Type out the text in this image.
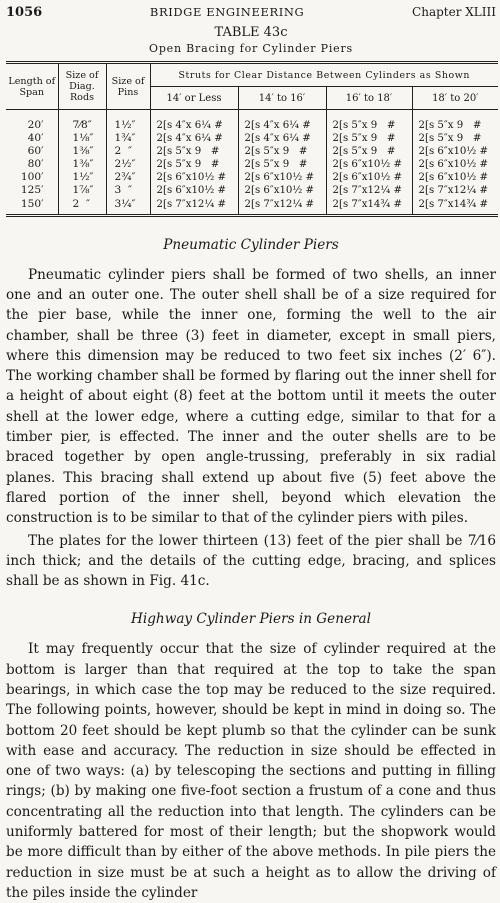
1056	BRIDGE ENGINEERING	Chapter XLIII
TABLE 43c
Open Bracing for Cylinder Piers
Length of Span	Size of Diag. Rods	Size of Pins	Struts for Clear Distance Between Cylinders as Shown			
			14′ or Less	14′ to 16′	16′ to 18′	18′ to 20′
20′	7⁄8″	1½″	2[s 4″x 6¼ #	2[s 4″x 6¼ #	2[s 5″x 9   #	2[s 5″x 9   #
40′	1⅛″	1¾″	2[s 4″x 6¼ #	2[s 4″x 6¼ #	2[s 5″x 9   #	2[s 5″x 9   #
60′	1⅜″	2  ″	2[s 5″x 9   #	2[s 5″x 9   #	2[s 5″x 9   #	2[s 6″x10½ #
80′	1⅜″	2½″	2[s 5″x 9   #	2[s 5″x 9   #	2[s 6″x10½ #	2[s 6″x10½ #
100′	1½″	2¾″	2[s 6″x10½ #	2[s 6″x10½ #	2[s 6″x10½ #	2[s 6″x10½ #
125′	1⅞″	3  ″	2[s 6″x10½ #	2[s 6″x10½ #	2[s 7″x12¼ #	2[s 7″x12¼ #
150′	2  ″	3¼″	2[s 7″x12¼ #	2[s 7″x12¼ #	2[s 7″x14¾ #	2[s 7″x14¾ #
Pneumatic Cylinder Piers

Pneumatic cylinder piers shall be formed of two shells, an inner one and an outer one. The outer shell shall be of a size required for the pier base, while the inner one, forming the well to the air chamber, shall be three (3) feet in diameter, except in small piers, where this dimension may be reduced to two feet six inches (2′ 6″). The working chamber shall be formed by flaring out the inner shell for a height of about eight (8) feet at the bottom until it meets the outer shell at the lower edge, where a cutting edge, similar to that for a timber pier, is effected. The inner and the outer shells are to be braced together by open angle-trussing, preferably in six radial planes. This bracing shall extend up about five (5) feet above the flared portion of the inner shell, beyond which elevation the construction is to be similar to that of the cylinder piers with piles.

The plates for the lower thirteen (13) feet of the pier shall be 7⁄16 inch thick; and the details of the cutting edge, bracing, and splices shall be as shown in Fig. 41c.

Highway Cylinder Piers in General

It may frequently occur that the size of cylinder required at the bottom is larger than that required at the top to take the span bearings, in which case the top may be reduced to the size required. The following points, however, should be kept in mind in doing so. The bottom 20 feet should be kept plumb so that the cylinder can be sunk with ease and accuracy. The reduction in size should be effected in one of two ways: (a) by telescoping the sections and putting in filling rings; (b) by making one five-foot section a frustum of a cone and thus concentrating all the reduction into that length. The cylinders can be uniformly battered for most of their length; but the shopwork would be more difficult than by either of the above methods. In pile piers the reduction in size must be at such a height as to allow the driving of the piles inside the cylinder
